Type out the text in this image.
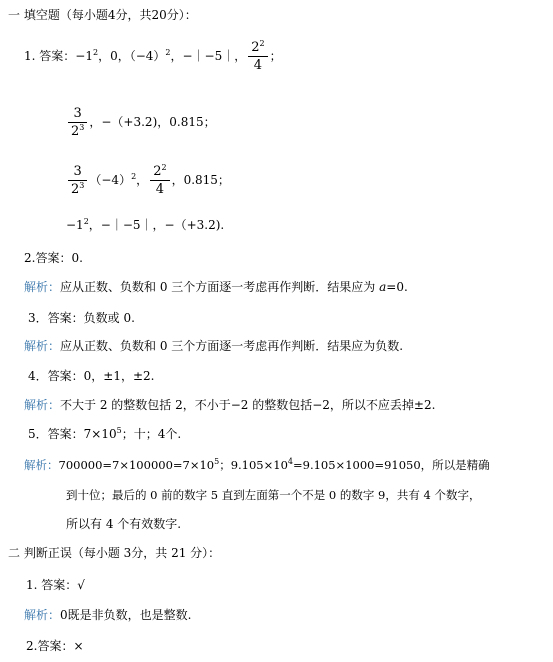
一 填空题（每小题4分，共20分）：
1. 答案：$-1^2$，0，$(-4)^2$，−｜−5｜， $\frac{2^2}{4}$ ；
$\frac{3}{2^3}$ ，−（+3.2)，0.815；
$\frac{3}{2^3} (-4)^2$， $\frac{2^2}{4}$ ，0.815；
$-1^2$，−｜−5｜，−（+3.2).
2.答案：0.
解析：应从正数、负数和 0 三个方面逐一考虑再作判断．结果应为 a=0.
3．答案：负数或 0.
解析：应从正数、负数和 0 三个方面逐一考虑再作判断．结果应为负数.
4．答案：0，±1，±2.
解析：不大于 2 的整数包括 2，不小于−2 的整数包括−2，所以不应丢掉±2.
5．答案：$7\times 10^5$；十；4个.
解析：$700000=7\times 100000=7\times 10^5$；$9.105\times 10^4=9.105\times 1000=91050$，所以是精确
到十位；最后的 0 前的数字 5 直到左面第一个不是 0 的数字 9，共有 4 个数字，
所以有 4 个有效数字.
二 判断正误（每小题 3分，共 21 分）：
1. 答案：√
解析：0既是非负数，也是整数.
2.答案：×
